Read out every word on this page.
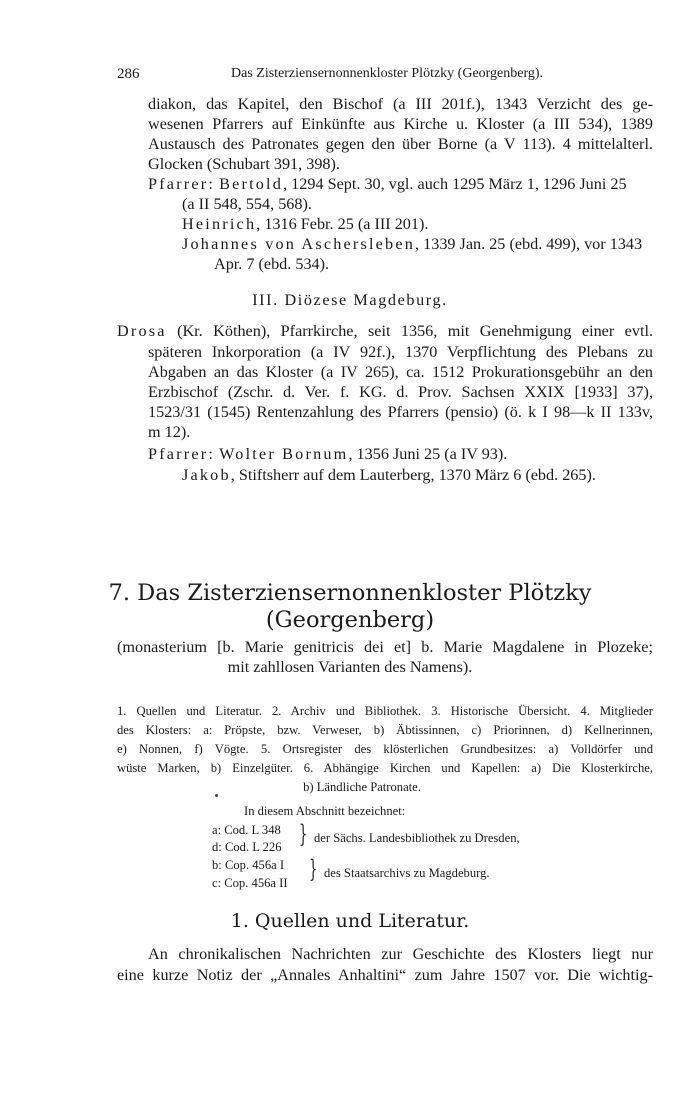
286	Das Zisterziensernonnenkloster Plötzky (Georgenberg).
diakon, das Kapitel, den Bischof (a III 201f.), 1343 Verzicht des ge-
wesenen Pfarrers auf Einkünfte aus Kirche u. Kloster (a III 534), 1389
Austausch des Patronates gegen den über Borne (a V 113). 4 mittelalterl.
Glocken (Schubart 391, 398).
Pfarrer: Bertold, 1294 Sept. 30, vgl. auch 1295 März 1, 1296 Juni 25
(a II 548, 554, 568).
Heinrich, 1316 Febr. 25 (a III 201).
Johannes von Aschersleben, 1339 Jan. 25 (ebd. 499), vor 1343
Apr. 7 (ebd. 534).
III. Diözese Magdeburg.
Drosa (Kr. Köthen), Pfarrkirche, seit 1356, mit Genehmigung einer evtl.
späteren Inkorporation (a IV 92f.), 1370 Verpflichtung des Plebans zu
Abgaben an das Kloster (a IV 265), ca. 1512 Prokurationsgebühr an den
Erzbischof (Zschr. d. Ver. f. KG. d. Prov. Sachsen XXIX [1933] 37),
1523/31 (1545) Rentenzahlung des Pfarrers (pensio) (ö. k I 98—k II 133v,
m 12).
Pfarrer: Wolter Bornum, 1356 Juni 25 (a IV 93).
Jakob, Stiftsherr auf dem Lauterberg, 1370 März 6 (ebd. 265).
7. Das Zisterziensernonnenkloster Plötzky
(Georgenberg)
(monasterium [b. Marie genitricis dei et] b. Marie Magdalene in Plozeke;
mit zahllosen Varianten des Namens).
1. Quellen und Literatur. 2. Archiv und Bibliothek. 3. Historische Übersicht. 4. Mitglieder
des Klosters: a: Pröpste, bzw. Verweser, b) Äbtissinnen, c) Priorinnen, d) Kellnerinnen,
e) Nonnen, f) Vögte. 5. Ortsregister des klösterlichen Grundbesitzes: a) Volldörfer und
wüste Marken, b) Einzelgüter. 6. Abhängige Kirchen und Kapellen: a) Die Klosterkirche,
b) Ländliche Patronate.
In diesem Abschnitt bezeichnet:
a: Cod. L 348
d: Cod. L 226 } der Sächs. Landesbibliothek zu Dresden,
b: Cop. 456a I
c: Cop. 456a II } des Staatsarchivs zu Magdeburg.
1. Quellen und Literatur.
An chronikalischen Nachrichten zur Geschichte des Klosters liegt nur
eine kurze Notiz der „Annales Anhaltini“ zum Jahre 1507 vor. Die wichtig-
